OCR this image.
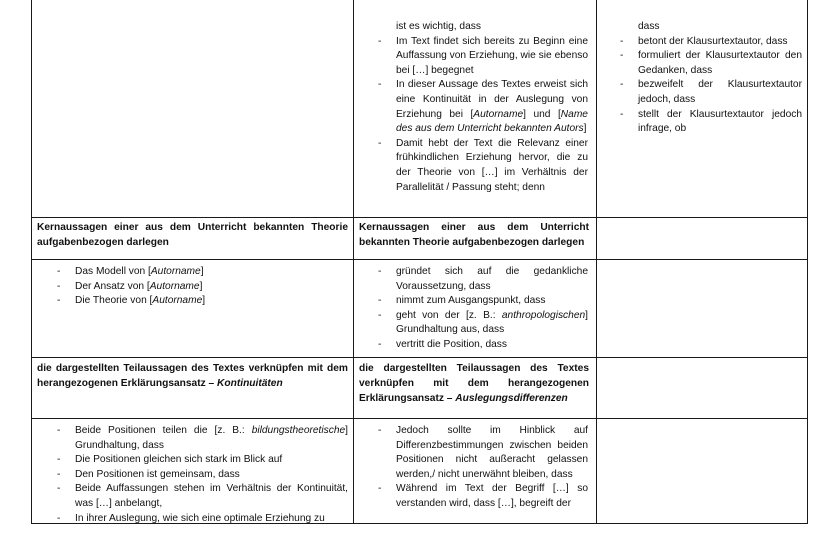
ist es wichtig, dass
- Im Text findet sich bereits zu Beginn eine Auffassung von Erziehung, wie sie ebenso bei […] begegnet
- In dieser Aussage des Textes erweist sich eine Kontinuität in der Auslegung von Erziehung bei [Autorname] und [Name des aus dem Unterricht bekannten Autors]
- Damit hebt der Text die Relevanz einer frühkindlichen Erziehung hervor, die zu der Theorie von […] im Verhältnis der Parallelität / Passung steht; denn
dass
- betont der Klausurtextautor, dass
- formuliert der Klausurtextautor den Gedanken, dass
- bezweifelt der Klausurtextautor jedoch, dass
- stellt der Klausurtextautor jedoch infrage, ob
Kernaussagen einer aus dem Unterricht bekannten Theorie aufgabenbezogen darlegen
Kernaussagen einer aus dem Unterricht bekannten Theorie aufgabenbezogen darlegen
- Das Modell von [Autorname]
- Der Ansatz von [Autorname]
- Die Theorie von [Autorname]
- gründet sich auf die gedankliche Voraussetzung, dass
- nimmt zum Ausgangspunkt, dass
- geht von der [z. B.: anthropologischen] Grundhaltung aus, dass
- vertritt die Position, dass
die dargestellten Teilaussagen des Textes verknüpfen mit dem herangezogenen Erklärungsansatz – Kontinuitäten
die dargestellten Teilaussagen des Textes verknüpfen mit dem herangezogenen Erklärungsansatz – Auslegungsdifferenzen
- Beide Positionen teilen die [z. B.: bildungstheoretische] Grundhaltung, dass
- Die Positionen gleichen sich stark im Blick auf
- Den Positionen ist gemeinsam, dass
- Beide Auffassungen stehen im Verhältnis der Kontinuität, was […] anbelangt,
- In ihrer Auslegung, wie sich eine optimale Erziehung zu
- Jedoch sollte im Hinblick auf Differenzbestimmungen zwischen beiden Positionen nicht außeracht gelassen werden,/ nicht unerwähnt bleiben, dass
- Während im Text der Begriff […] so verstanden wird, dass […], begreift der
